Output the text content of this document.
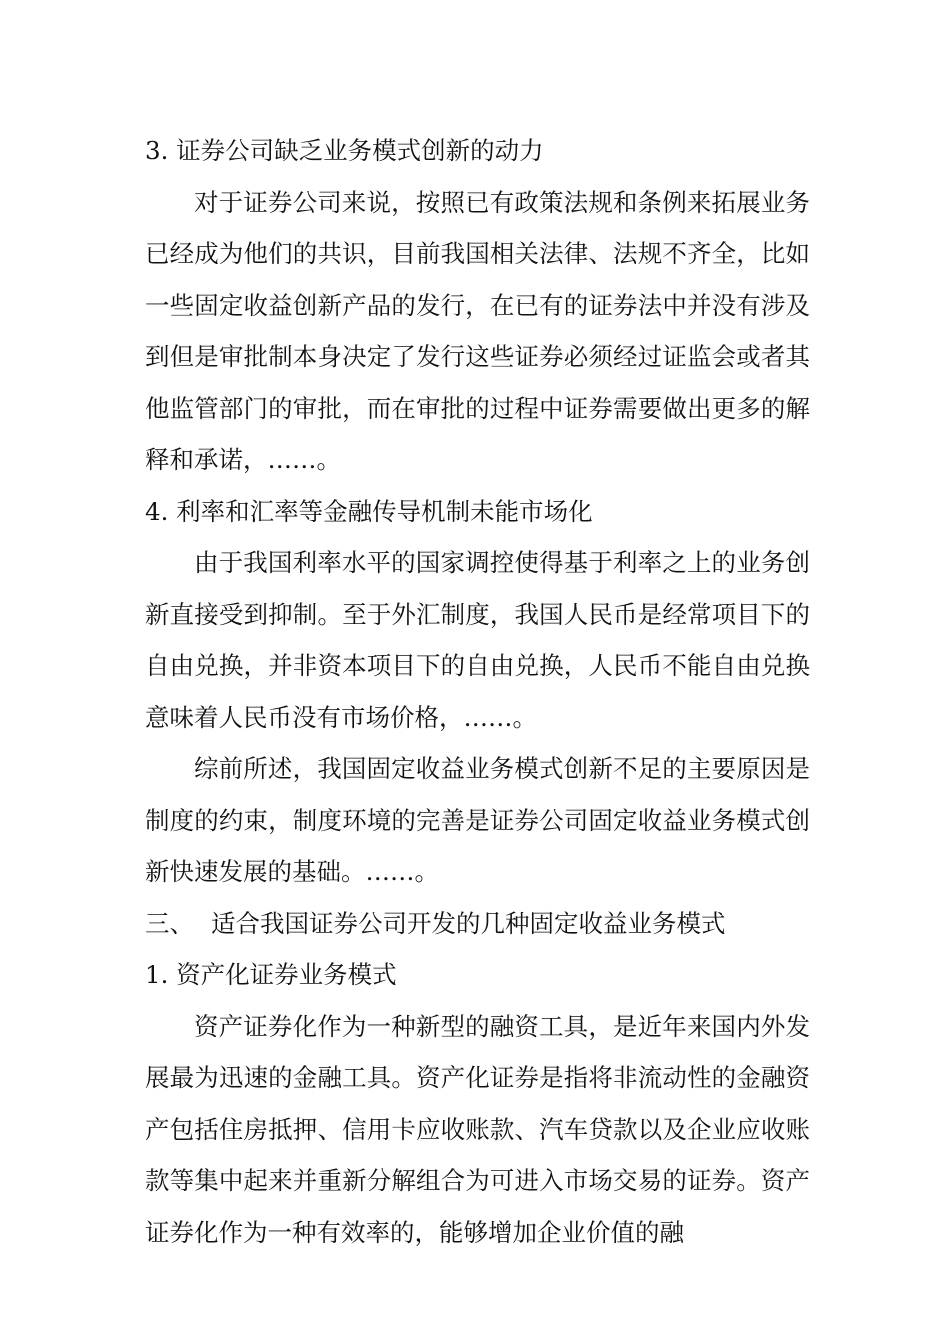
3. 证券公司缺乏业务模式创新的动力

对于证券公司来说，按照已有政策法规和条例来拓展业务已经成为他们的共识，目前我国相关法律、法规不齐全，比如一些固定收益创新产品的发行，在已有的证券法中并没有涉及到但是审批制本身决定了发行这些证券必须经过证监会或者其他监管部门的审批，而在审批的过程中证券需要做出更多的解释和承诺，……。

4. 利率和汇率等金融传导机制未能市场化

由于我国利率水平的国家调控使得基于利率之上的业务创新直接受到抑制。至于外汇制度，我国人民币是经常项目下的自由兑换，并非资本项目下的自由兑换，人民币不能自由兑换意味着人民币没有市场价格，……。

综前所述，我国固定收益业务模式创新不足的主要原因是制度的约束，制度环境的完善是证券公司固定收益业务模式创新快速发展的基础。……。

三、 适合我国证券公司开发的几种固定收益业务模式

1. 资产化证券业务模式

资产证券化作为一种新型的融资工具，是近年来国内外发展最为迅速的金融工具。资产化证券是指将非流动性的金融资产包括住房抵押、信用卡应收账款、汽车贷款以及企业应收账款等集中起来并重新分解组合为可进入市场交易的证券。资产证券化作为一种有效率的，能够增加企业价值的融
